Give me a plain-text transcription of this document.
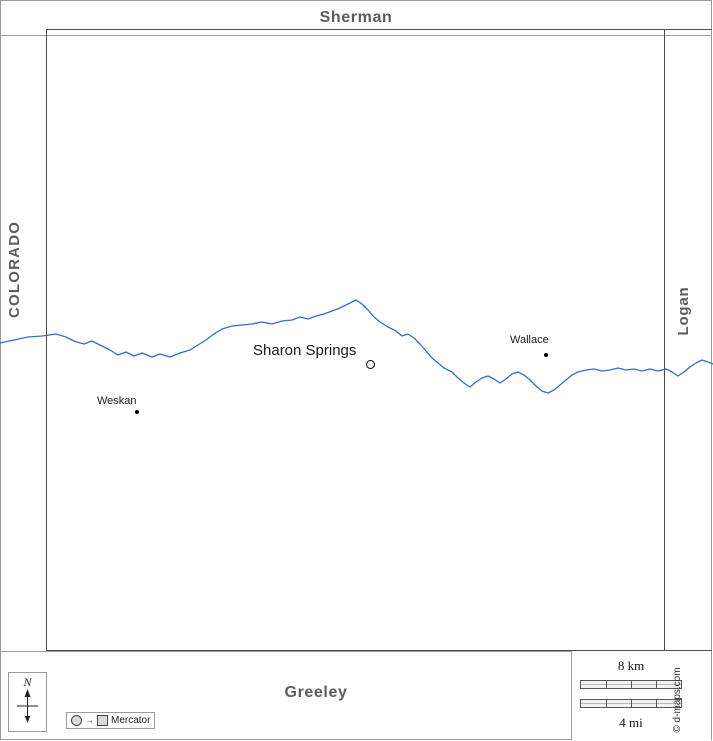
Sherman
Greeley
COLORADO	Logan
Sharon Springs
Wallace
Weskan
N
→ Mercator
8 km
4 mi	© d-maps.com
